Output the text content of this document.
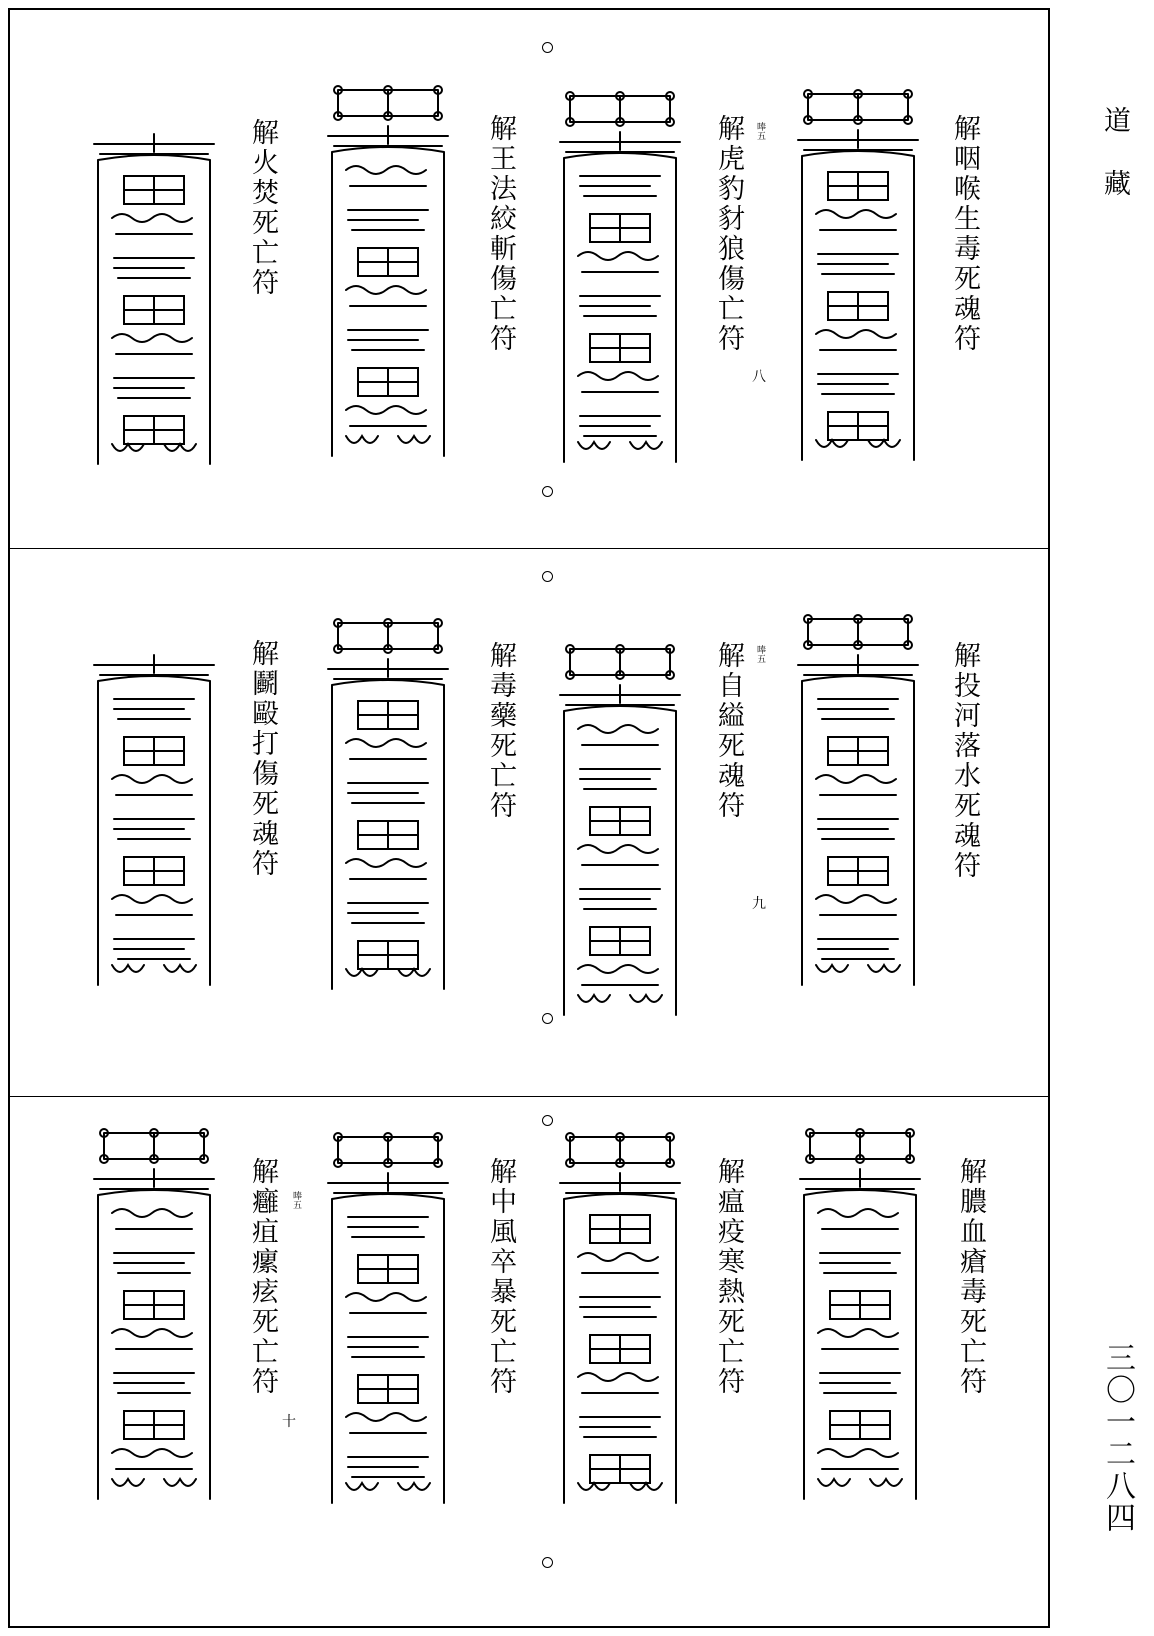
解咽喉生毒死魂符
解虎豹豺狼傷亡符 唪五
解王法絞斬傷亡符
解火焚死亡符
八
解投河落水死魂符
解自縊死魂符 唪五
解毒藥死亡符
解鬬毆打傷死魂符
九
解膿血瘡毒死亡符
解瘟疫寒熱死亡符
解中風卒暴死亡符
解癰疽瘰痃死亡符 唪五
十
道藏
三〇一二八四
